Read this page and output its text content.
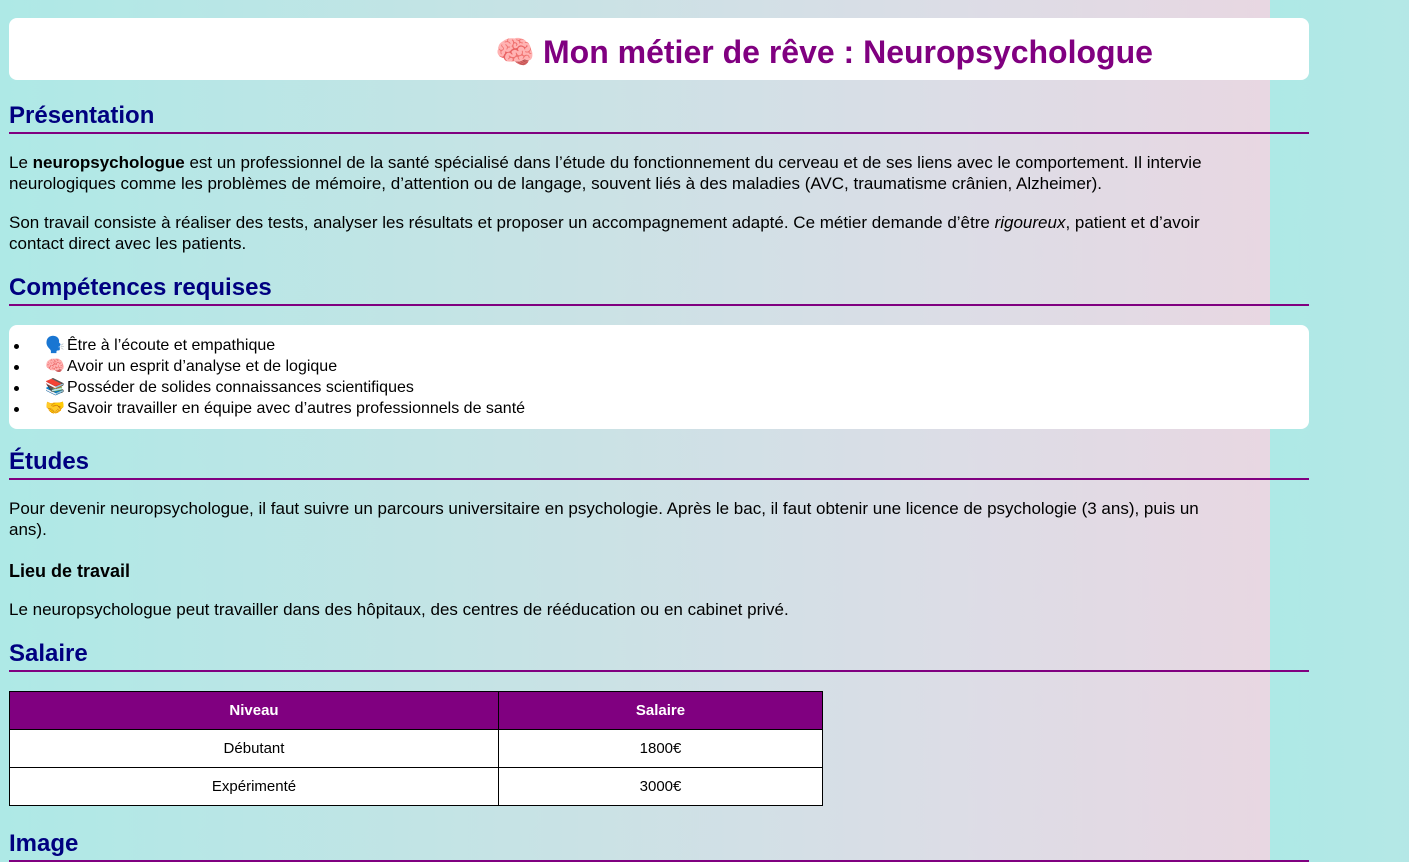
🧠 Mon métier de rêve : Neuropsychologue
Présentation

Le neuropsychologue est un professionnel de la santé spécialisé dans l’étude du fonctionnement du cerveau et de ses liens avec le comportement. Il intervie
neurologiques comme les problèmes de mémoire, d’attention ou de langage, souvent liés à des maladies (AVC, traumatisme crânien, Alzheimer).

Son travail consiste à réaliser des tests, analyser les résultats et proposer un accompagnement adapté. Ce métier demande d’être rigoureux, patient et d’avoir
contact direct avec les patients.

Compétences requises
🗣️ Être à l’écoute et empathique
🧠 Avoir un esprit d’analyse et de logique
📚 Posséder de solides connaissances scientifiques
🤝 Savoir travailler en équipe avec d’autres professionnels de santé
Études

Pour devenir neuropsychologue, il faut suivre un parcours universitaire en psychologie. Après le bac, il faut obtenir une licence de psychologie (3 ans), puis un
ans).

Lieu de travail

Le neuropsychologue peut travailler dans des hôpitaux, des centres de rééducation ou en cabinet privé.

Salaire
Niveau	Salaire
Débutant	1800€
Expérimenté	3000€
Image
